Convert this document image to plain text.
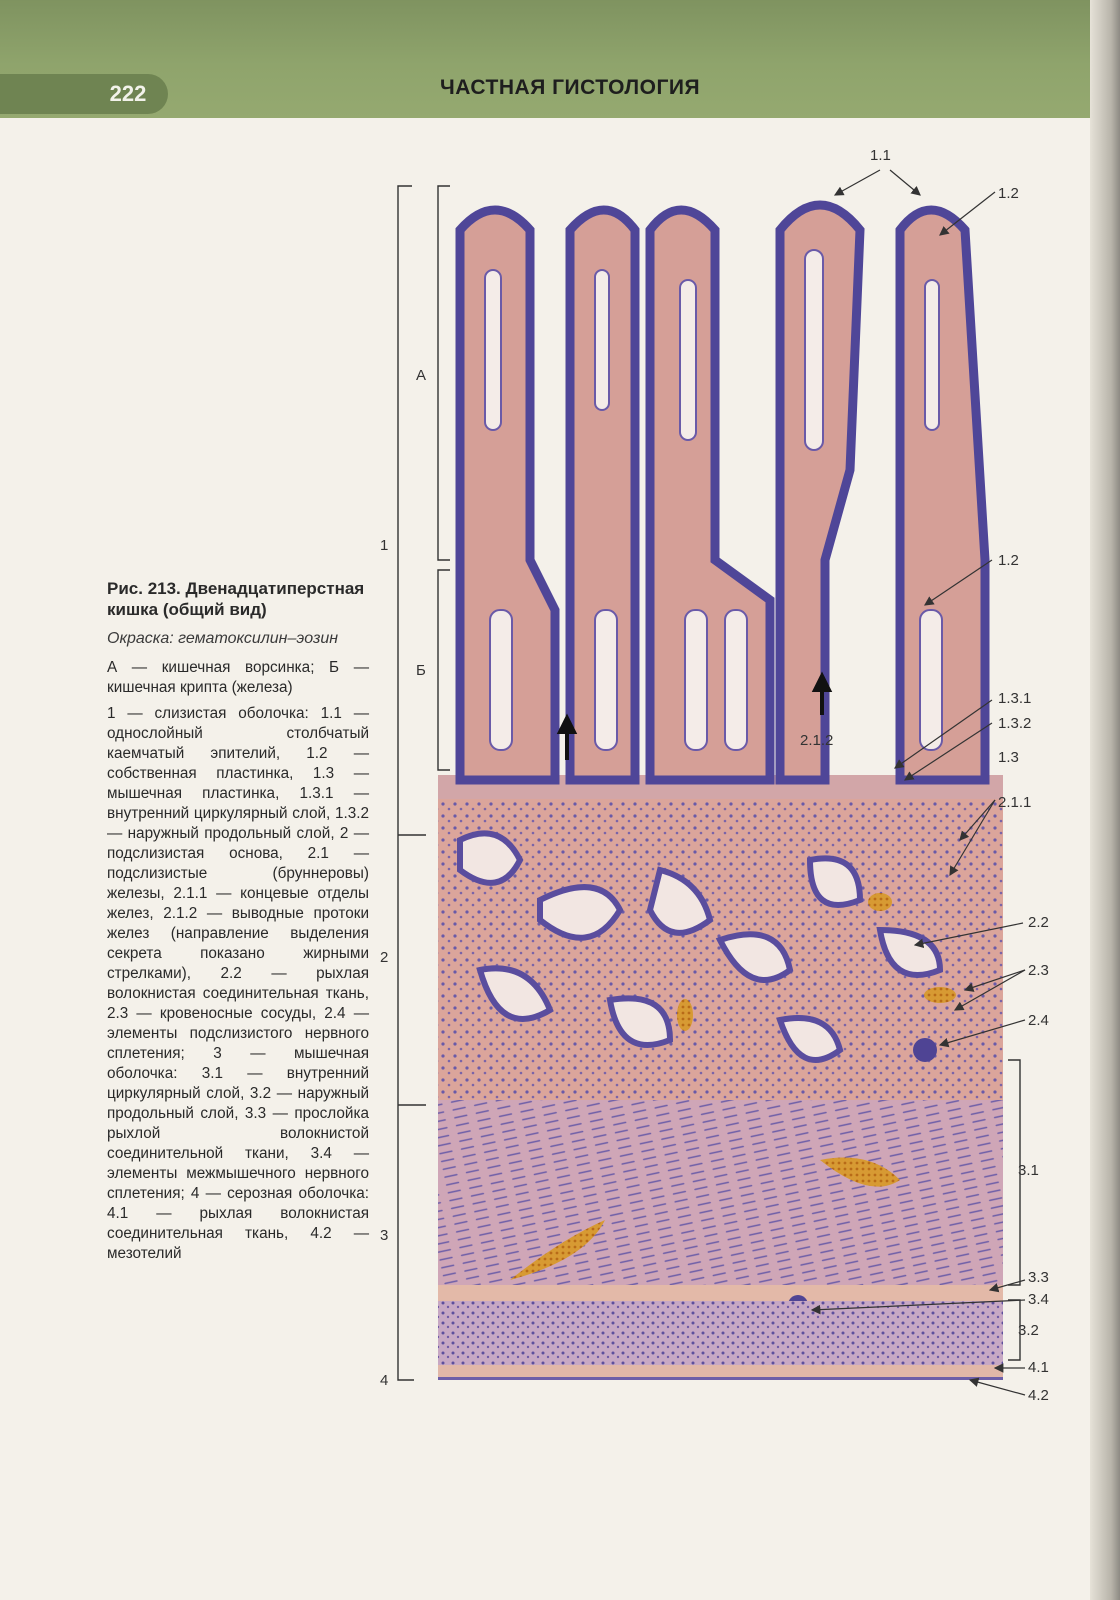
222	ЧАСТНАЯ ГИСТОЛОГИЯ
Рис. 213. Двенадцатиперстная кишка (общий вид)
Окраска: гематоксилин–эозин
А — кишечная ворсинка; Б — кишечная крипта (железа)
1 — слизистая оболочка: 1.1 — однослойный столбчатый каемчатый эпителий, 1.2 — собственная пластинка, 1.3 — мышечная пластинка, 1.3.1 — внутренний циркулярный слой, 1.3.2 — наружный продольный слой, 2 — подслизистая основа, 2.1 — подслизистые (бруннеровы) железы, 2.1.1 — концевые отделы желез, 2.1.2 — выводные протоки желез (направление выделения секрета показано жирными стрелками), 2.2 — рыхлая волокнистая соединительная ткань, 2.3 — кровеносные сосуды, 2.4 — элементы подслизистого нервного сплетения; 3 — мышечная оболочка: 3.1 — внутренний циркулярный слой, 3.2 — наружный продольный слой, 3.3 — прослойка рыхлой волокнистой соединительной ткани, 3.4 — элементы межмышечного нервного сплетения; 4 — серозная оболочка: 4.1 — рыхлая волокнистая соединительная ткань, 4.2 — мезотелий
1.1
1.2
1.2
1.3.1
1.3.2
1.3
2.1.1
2.1.2
2.2
2.3
2.4
3.1
3.3
3.4
3.2
4.1
4.2
А
Б
1
2
3
4
